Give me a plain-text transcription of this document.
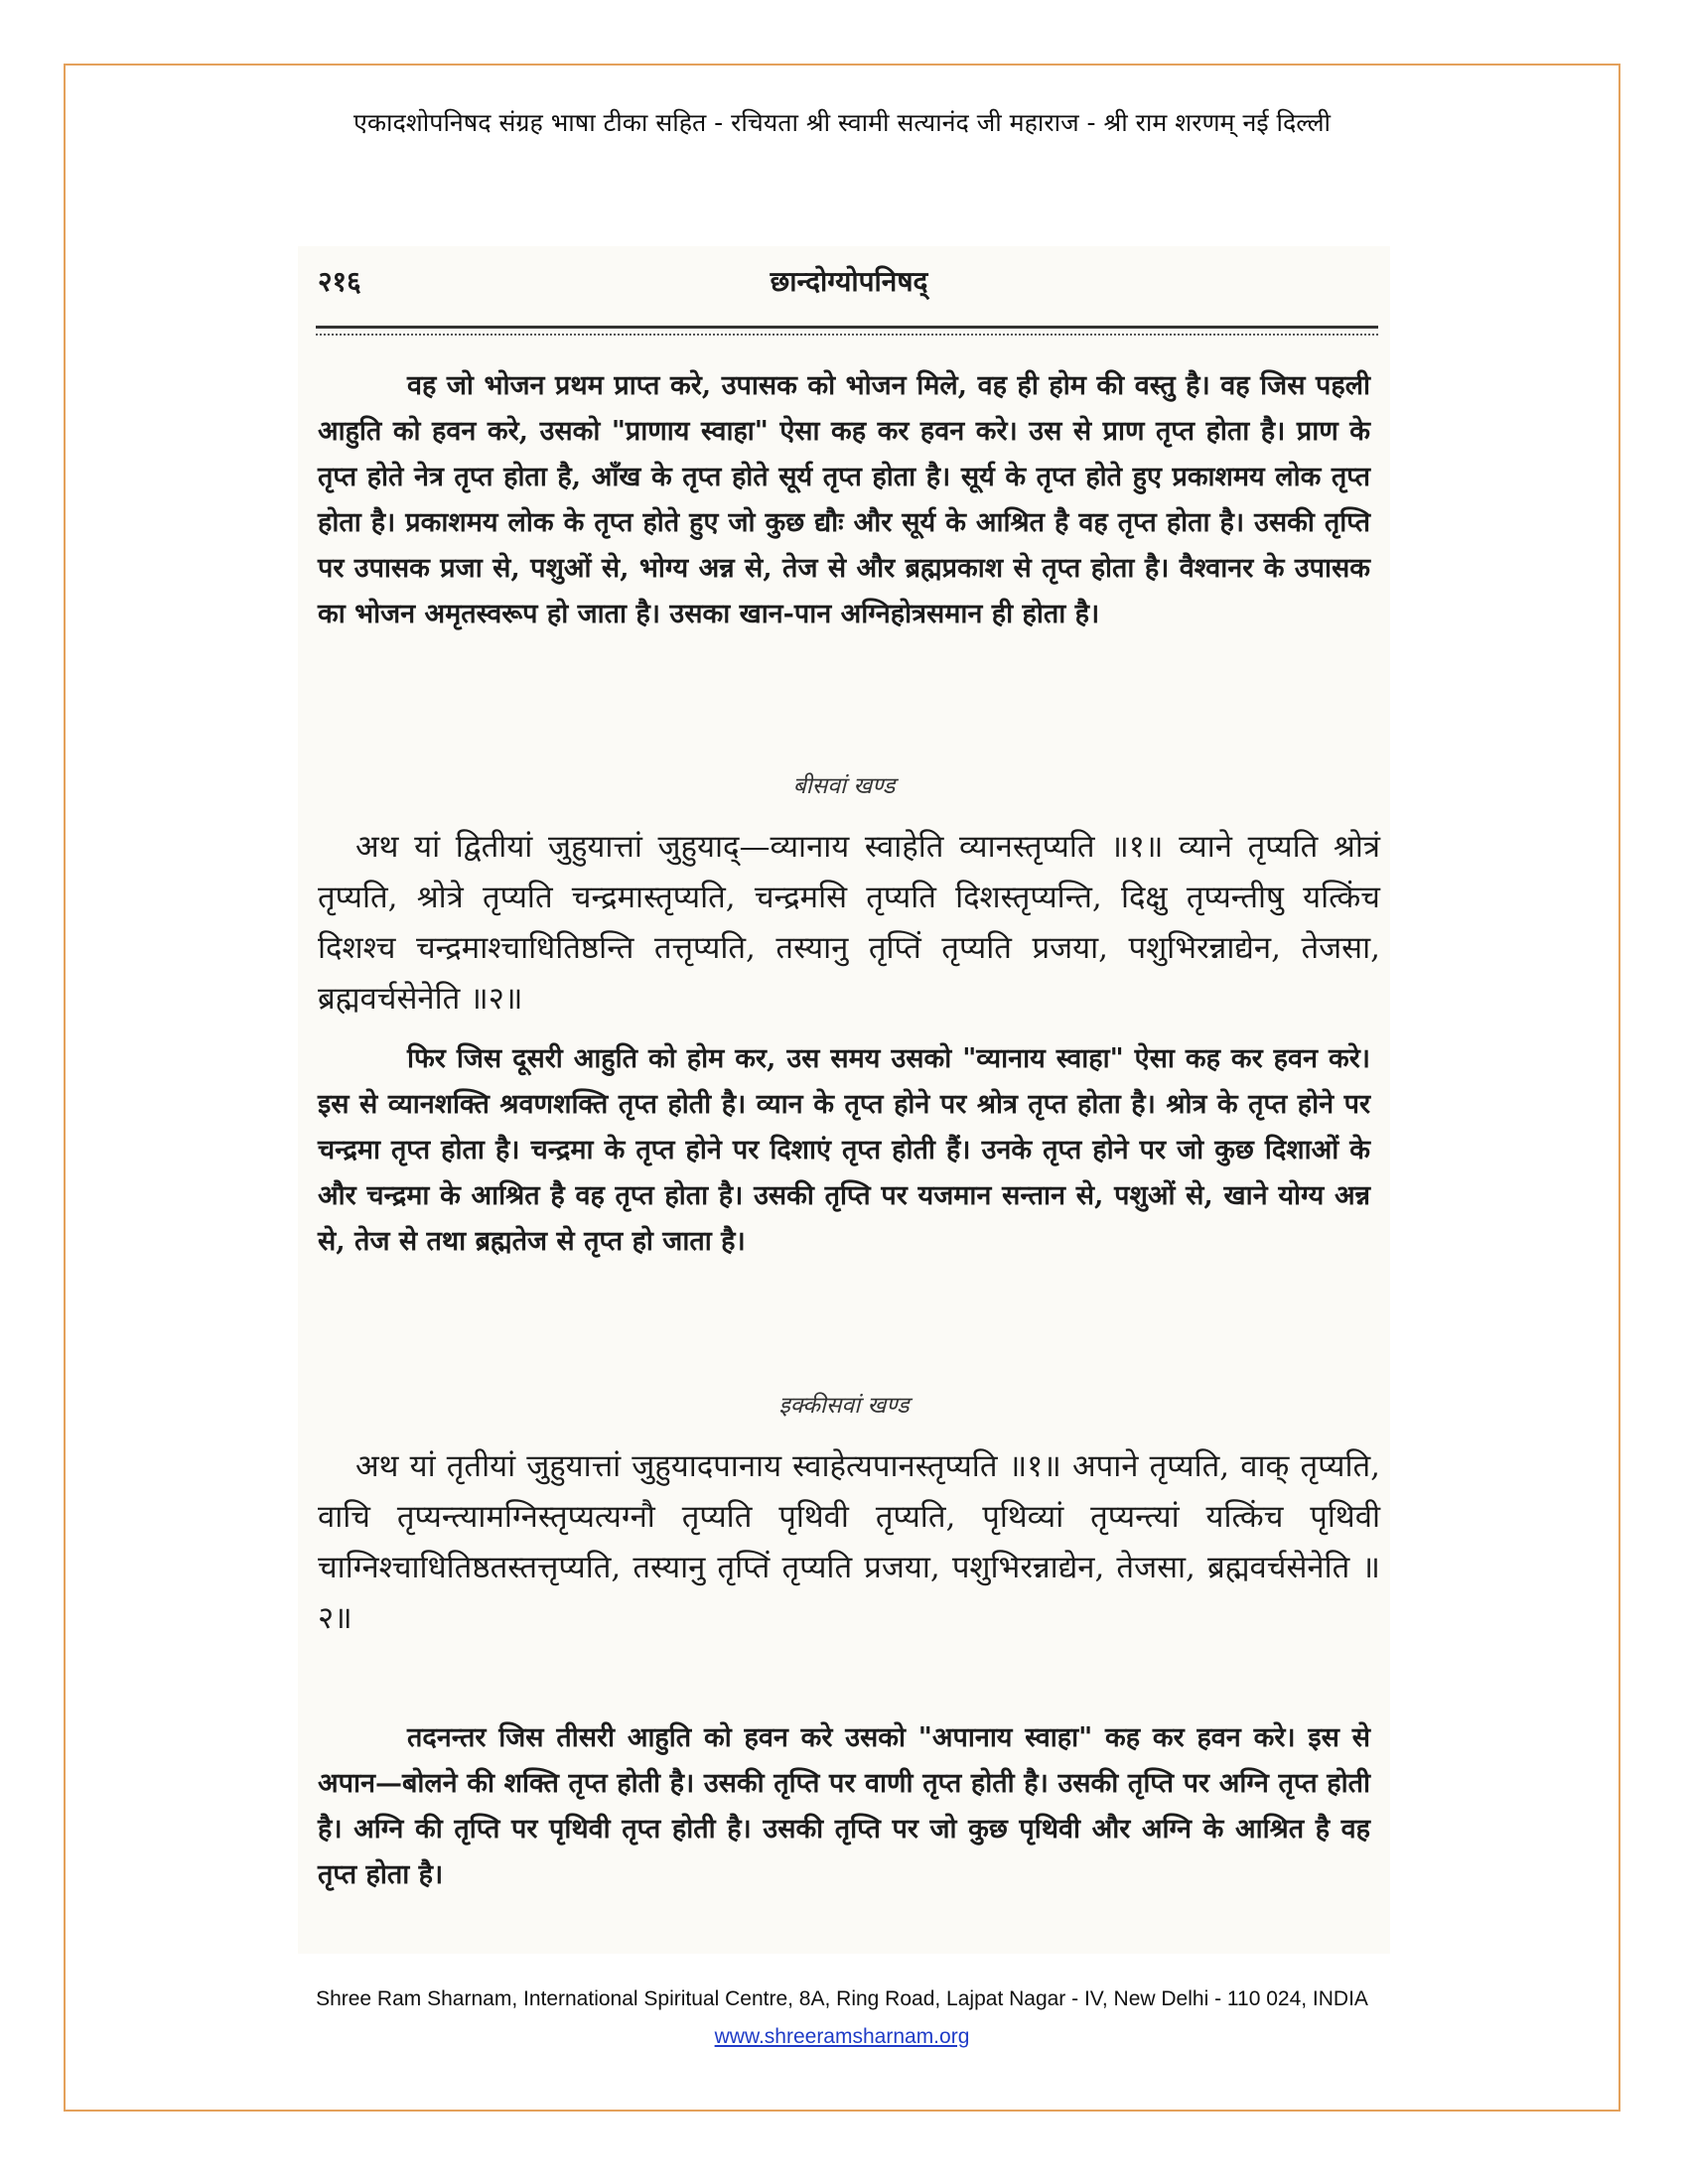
एकादशोपनिषद संग्रह भाषा टीका सहित - रचियता श्री स्वामी सत्यानंद जी महाराज - श्री राम शरणम् नई दिल्ली
२१६	छान्दोग्योपनिषद्

वह जो भोजन प्रथम प्राप्त करे, उपासक को भोजन मिले, वह ही होम की वस्तु है। वह जिस पहली आहुति को हवन करे, उसको "प्राणाय स्वाहा" ऐसा कह कर हवन करे। उस से प्राण तृप्त होता है। प्राण के तृप्त होते नेत्र तृप्त होता है, आँख के तृप्त होते सूर्य तृप्त होता है। सूर्य के तृप्त होते हुए प्रकाशमय लोक तृप्त होता है। प्रकाशमय लोक के तृप्त होते हुए जो कुछ द्यौः और सूर्य के आश्रित है वह तृप्त होता है। उसकी तृप्ति पर उपासक प्रजा से, पशुओं से, भोग्य अन्न से, तेज से और ब्रह्मप्रकाश से तृप्त होता है। वैश्वानर के उपासक का भोजन अमृतस्वरूप हो जाता है। उसका खान-पान अग्निहोत्रसमान ही होता है।

बीसवां खण्ड

अथ यां द्वितीयां जुहुयात्तां जुहुयाद्—व्यानाय स्वाहेति व्यानस्तृप्यति ॥१॥ व्याने तृप्यति श्रोत्रं तृप्यति, श्रोत्रे तृप्यति चन्द्रमास्तृप्यति, चन्द्रमसि तृप्यति दिशस्तृप्यन्ति, दिक्षु तृप्यन्तीषु यत्किंच दिशश्च चन्द्रमाश्चाधितिष्ठन्ति तत्तृप्यति, तस्यानु तृप्तिं तृप्यति प्रजया, पशुभिरन्नाद्येन, तेजसा, ब्रह्मवर्चसेनेति ॥२॥

फिर जिस दूसरी आहुति को होम कर, उस समय उसको "व्यानाय स्वाहा" ऐसा कह कर हवन करे। इस से व्यानशक्ति श्रवणशक्ति तृप्त होती है। व्यान के तृप्त होने पर श्रोत्र तृप्त होता है। श्रोत्र के तृप्त होने पर चन्द्रमा तृप्त होता है। चन्द्रमा के तृप्त होने पर दिशाएं तृप्त होती हैं। उनके तृप्त होने पर जो कुछ दिशाओं के और चन्द्रमा के आश्रित है वह तृप्त होता है। उसकी तृप्ति पर यजमान सन्तान से, पशुओं से, खाने योग्य अन्न से, तेज से तथा ब्रह्मतेज से तृप्त हो जाता है।

इक्कीसवां खण्ड

अथ यां तृतीयां जुहुयात्तां जुहुयादपानाय स्वाहेत्यपानस्तृप्यति ॥१॥ अपाने तृप्यति, वाक् तृप्यति, वाचि तृप्यन्त्यामग्निस्तृप्यत्यग्नौ तृप्यति पृथिवी तृप्यति, पृथिव्यां तृप्यन्त्यां यत्किंच पृथिवी चाग्निश्चाधितिष्ठतस्तत्तृप्यति, तस्यानु तृप्तिं तृप्यति प्रजया, पशुभिरन्नाद्येन, तेजसा, ब्रह्मवर्चसेनेति ॥२॥

तदनन्तर जिस तीसरी आहुति को हवन करे उसको "अपानाय स्वाहा" कह कर हवन करे। इस से अपान—बोलने की शक्ति तृप्त होती है। उसकी तृप्ति पर वाणी तृप्त होती है। उसकी तृप्ति पर अग्नि तृप्त होती है। अग्नि की तृप्ति पर पृथिवी तृप्त होती है। उसकी तृप्ति पर जो कुछ पृथिवी और अग्नि के आश्रित है वह तृप्त होता है।

Shree Ram Sharnam, International Spiritual Centre, 8A, Ring Road, Lajpat Nagar - IV, New Delhi - 110 024, INDIA
www.shreeramsharnam.org
